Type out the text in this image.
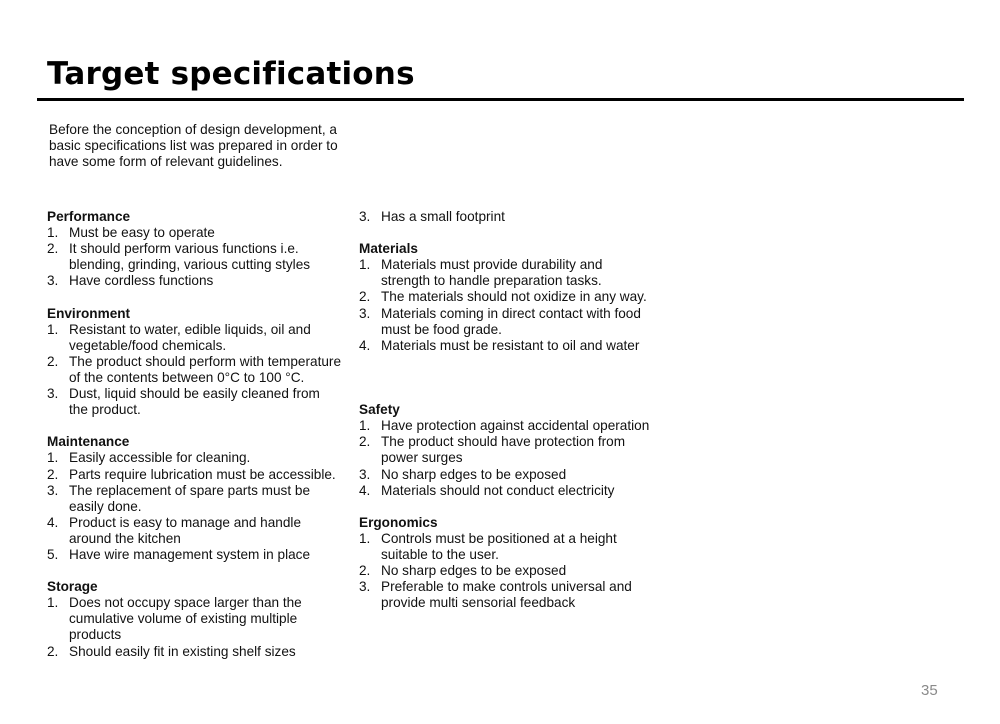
Target specifications

Before the conception of design development, a basic specifications list was prepared in order to have some form of relevant guidelines.

Performance
1. Must be easy to operate
2. It should perform various functions i.e. blending, grinding, various cutting styles
3. Have cordless functions
Environment
1. Resistant to water, edible liquids, oil and vegetable/food chemicals.
2. The product should perform with temperature of the contents between 0°C to 100 °C.
3. Dust, liquid should be easily cleaned from the product.
Maintenance
1. Easily accessible for cleaning.
2. Parts require lubrication must be accessible.
3. The replacement of spare parts must be easily done.
4. Product is easy to manage and handle around the kitchen
5. Have wire management system in place
Storage
1. Does not occupy space larger than the cumulative volume of existing multiple products
2. Should easily fit in existing shelf sizes
3. Has a small footprint
Materials
1. Materials must provide durability and strength to handle preparation tasks.
2. The materials should not oxidize in any way.
3. Materials coming in direct contact with food must be food grade.
4. Materials must be resistant to oil and water
Safety
1. Have protection against accidental operation
2. The product should have protection from power surges
3. No sharp edges to be exposed
4. Materials should not conduct electricity
Ergonomics
1. Controls must be positioned at a height suitable to the user.
2. No sharp edges to be exposed
3. Preferable to make controls universal and provide multi sensorial feedback
35
